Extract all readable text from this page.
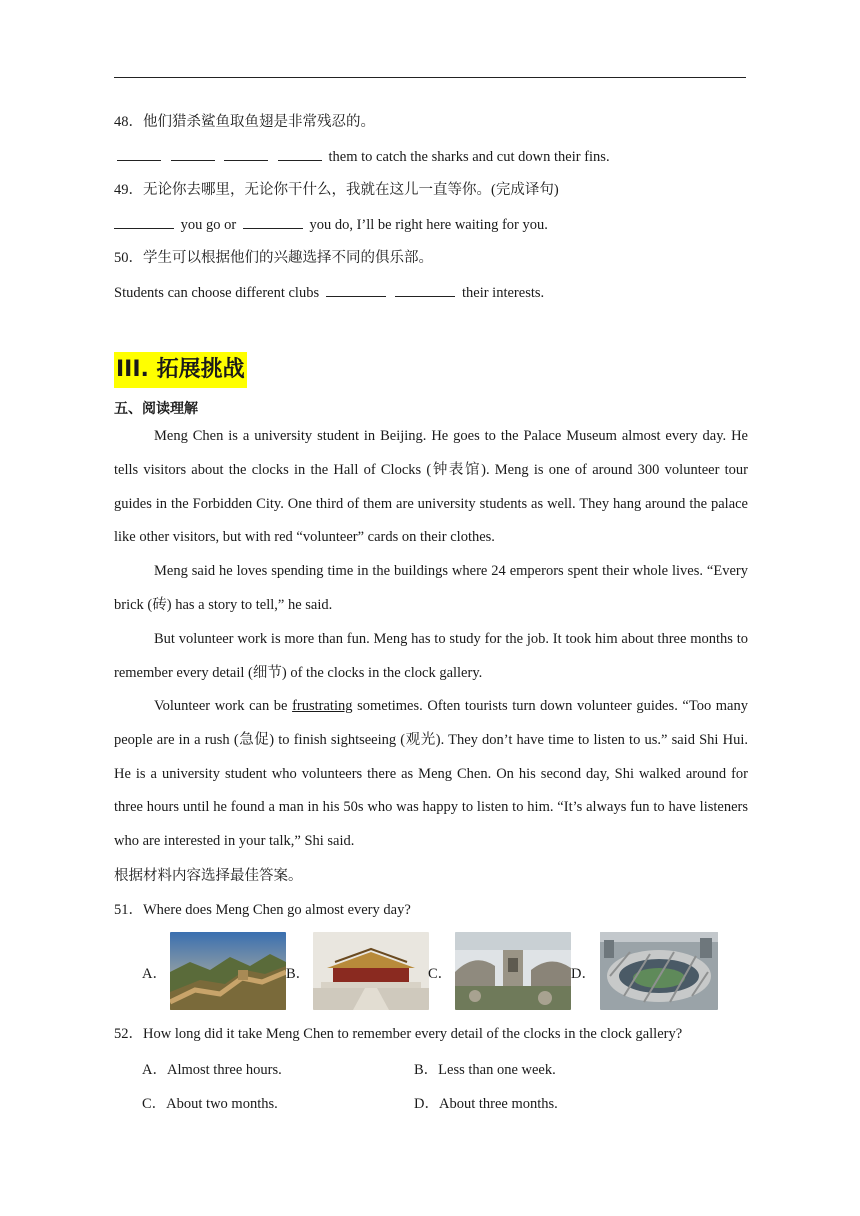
48．他们猎杀鲨鱼取鱼翅是非常残忍的。
them to catch the sharks and cut down their fins.
49．无论你去哪里，无论你干什么，我就在这儿一直等你。(完成译句)
you go or	you do, I’ll be right here waiting for you.
50．学生可以根据他们的兴趣选择不同的俱乐部。
Students can choose different clubs	their interests.
III. 拓展挑战
五、阅读理解
Meng Chen is a university student in Beijing. He goes to the Palace Museum almost every day. He tells visitors about the clocks in the Hall of Clocks (钟表馆). Meng is one of around 300 volunteer tour guides in the Forbidden City. One third of them are university students as well. They hang around the palace like other visitors, but with red “volunteer” cards on their clothes.
Meng said he loves spending time in the buildings where 24 emperors spent their whole lives. “Every brick (砖) has a story to tell,” he said.
But volunteer work is more than fun. Meng has to study for the job. It took him about three months to remember every detail (细节) of the clocks in the clock gallery.
Volunteer work can be frustrating sometimes. Often tourists turn down volunteer guides. “Too many people are in a rush (急促) to finish sightseeing (观光). They don’t have time to listen to us.” said Shi Hui. He is a university student who volunteers there as Meng Chen. On his second day, Shi walked around for three hours until he found a man in his 50s who was happy to listen to him. “It’s always fun to have listeners who are interested in your talk,” Shi said.
根据材料内容选择最佳答案。
51．Where does Meng Chen go almost every day?
A．	B．	C．	D．
52．How long did it take Meng Chen to remember every detail of the clocks in the clock gallery?
A．Almost three hours.	B．Less than one week.
C．About two months.	D．About three months.
